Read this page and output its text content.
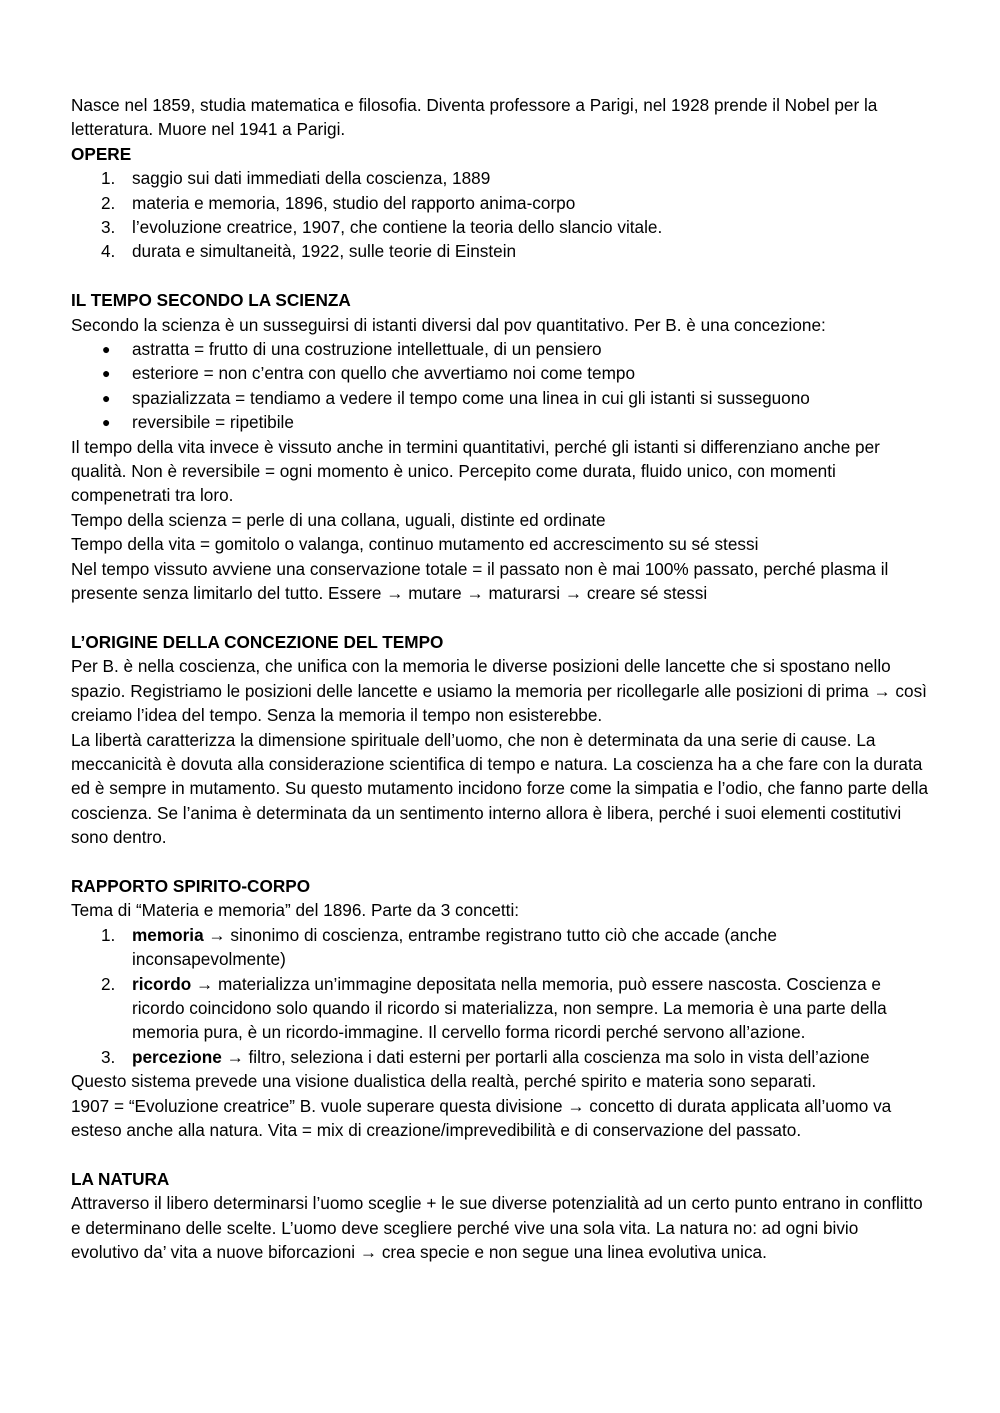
Nasce nel 1859, studia matematica e filosofia. Diventa professore a Parigi, nel 1928 prende il Nobel per la letteratura. Muore nel 1941 a Parigi.

OPERE

1. saggio sui dati immediati della coscienza, 1889
2. materia e memoria, 1896, studio del rapporto anima-corpo
3. l’evoluzione creatrice, 1907, che contiene la teoria dello slancio vitale.
4. durata e simultaneità, 1922, sulle teorie di Einstein

IL TEMPO SECONDO LA SCIENZA

Secondo la scienza è un susseguirsi di istanti diversi dal pov quantitativo. Per B. è una concezione:

● astratta = frutto di una costruzione intellettuale, di un pensiero
● esteriore = non c’entra con quello che avvertiamo noi come tempo
● spazializzata = tendiamo a vedere il tempo come una linea in cui gli istanti si susseguono
● reversibile = ripetibile

Il tempo della vita invece è vissuto anche in termini quantitativi, perché gli istanti si differenziano anche per qualità. Non è reversibile = ogni momento è unico. Percepito come durata, fluido unico, con momenti compenetrati tra loro.

Tempo della scienza = perle di una collana, uguali, distinte ed ordinate

Tempo della vita = gomitolo o valanga, continuo mutamento ed accrescimento su sé stessi

Nel tempo vissuto avviene una conservazione totale = il passato non è mai 100% passato, perché plasma il presente senza limitarlo del tutto. Essere → mutare → maturarsi → creare sé stessi

L’ORIGINE DELLA CONCEZIONE DEL TEMPO

Per B. è nella coscienza, che unifica con la memoria le diverse posizioni delle lancette che si spostano nello spazio. Registriamo le posizioni delle lancette e usiamo la memoria per ricollegarle alle posizioni di prima → così creiamo l’idea del tempo. Senza la memoria il tempo non esisterebbe.

La libertà caratterizza la dimensione spirituale dell’uomo, che non è determinata da una serie di cause. La meccanicità è dovuta alla considerazione scientifica di tempo e natura. La coscienza ha a che fare con la durata ed è sempre in mutamento. Su questo mutamento incidono forze come la simpatia e l’odio, che fanno parte della coscienza. Se l’anima è determinata da un sentimento interno allora è libera, perché i suoi elementi costitutivi sono dentro.

RAPPORTO SPIRITO-CORPO

Tema di “Materia e memoria” del 1896. Parte da 3 concetti:

1. memoria → sinonimo di coscienza, entrambe registrano tutto ciò che accade (anche inconsapevolmente)
2. ricordo → materializza un’immagine depositata nella memoria, può essere nascosta. Coscienza e ricordo coincidono solo quando il ricordo si materializza, non sempre. La memoria è una parte della memoria pura, è un ricordo-immagine. Il cervello forma ricordi perché servono all’azione.
3. percezione → filtro, seleziona i dati esterni per portarli alla coscienza ma solo in vista dell’azione

Questo sistema prevede una visione dualistica della realtà, perché spirito e materia sono separati.

1907 = “Evoluzione creatrice” B. vuole superare questa divisione → concetto di durata applicata all’uomo va esteso anche alla natura. Vita = mix di creazione/imprevedibilità e di conservazione del passato.

LA NATURA

Attraverso il libero determinarsi l’uomo sceglie + le sue diverse potenzialità ad un certo punto entrano in conflitto e determinano delle scelte. L’uomo deve scegliere perché vive una sola vita. La natura no: ad ogni bivio evolutivo da’ vita a nuove biforcazioni → crea specie e non segue una linea evolutiva unica.
